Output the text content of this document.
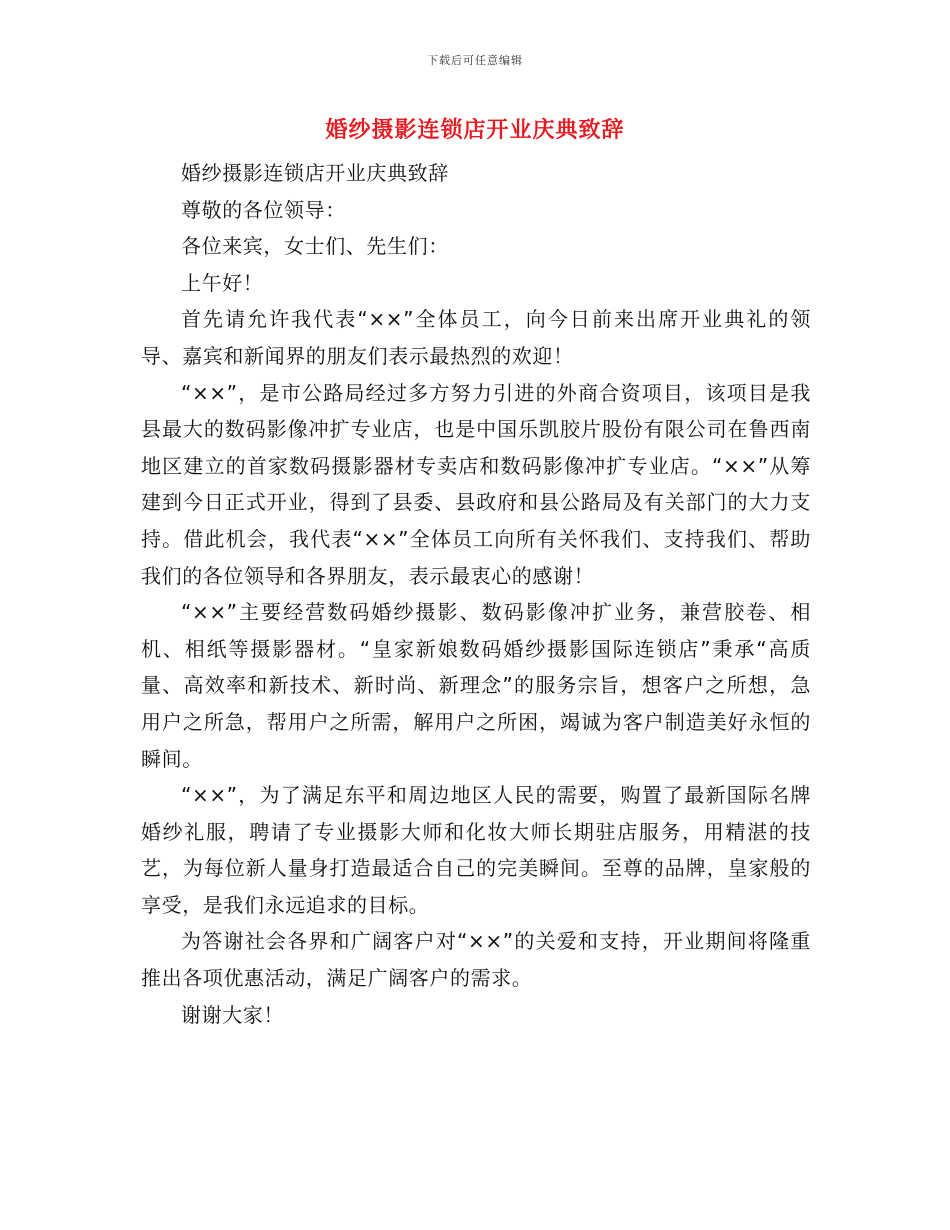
下载后可任意编辑
婚纱摄影连锁店开业庆典致辞

婚纱摄影连锁店开业庆典致辞

尊敬的各位领导：

各位来宾，女士们、先生们：

上午好！

首先请允许我代表“××”全体员工，向今日前来出席开业典礼的领导、嘉宾和新闻界的朋友们表示最热烈的欢迎！

“××”，是市公路局经过多方努力引进的外商合资项目，该项目是我县最大的数码影像冲扩专业店，也是中国乐凯胶片股份有限公司在鲁西南地区建立的首家数码摄影器材专卖店和数码影像冲扩专业店。“××”从筹建到今日正式开业，得到了县委、县政府和县公路局及有关部门的大力支持。借此机会，我代表“××”全体员工向所有关怀我们、支持我们、帮助我们的各位领导和各界朋友，表示最衷心的感谢！

“××”主要经营数码婚纱摄影、数码影像冲扩业务，兼营胶卷、相机、相纸等摄影器材。“皇家新娘数码婚纱摄影国际连锁店”秉承“高质量、高效率和新技术、新时尚、新理念”的服务宗旨，想客户之所想，急用户之所急，帮用户之所需，解用户之所困，竭诚为客户制造美好永恒的瞬间。

“××”，为了满足东平和周边地区人民的需要，购置了最新国际名牌婚纱礼服，聘请了专业摄影大师和化妆大师长期驻店服务，用精湛的技艺，为每位新人量身打造最适合自己的完美瞬间。至尊的品牌，皇家般的享受，是我们永远追求的目标。

为答谢社会各界和广阔客户对“××”的关爱和支持，开业期间将隆重推出各项优惠活动，满足广阔客户的需求。

谢谢大家！
